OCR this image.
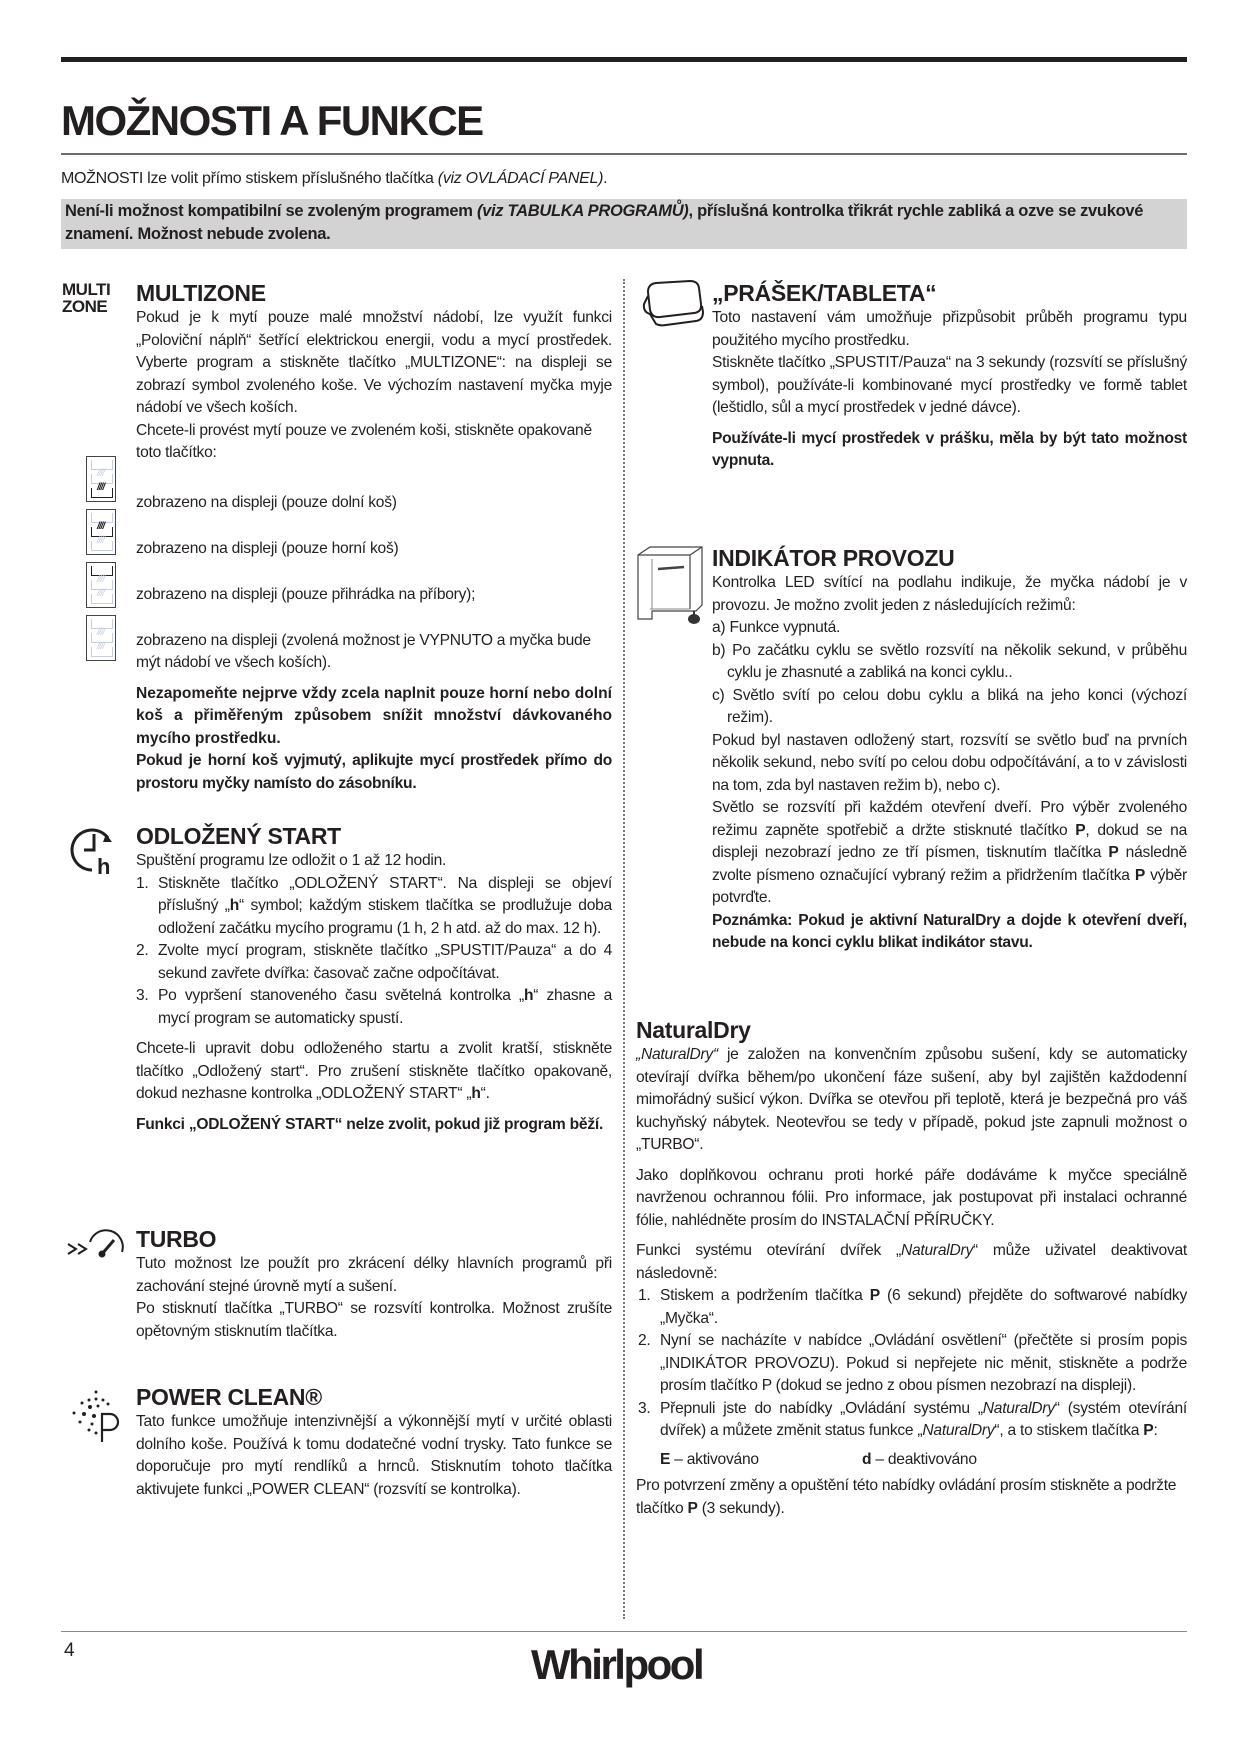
MOŽNOSTI A FUNKCE

MOŽNOSTI lze volit přímo stiskem příslušného tlačítka (viz OVLÁDACÍ PANEL).

Není-li možnost kompatibilní se zvoleným programem (viz TABULKA PROGRAMŮ), příslušná kontrolka třikrát rychle zabliká a ozve se zvukové znamení. Možnost nebude zvolena.
MULTI
ZONE
////
////
////
////
////
////
////
////
MULTIZONE

Pokud je k mytí pouze malé množství nádobí, lze využít funkci „Poloviční náplň“ šetřící elektrickou energii, vodu a mycí prostředek. Vyberte program a stiskněte tlačítko „MULTIZONE“: na displeji se zobrazí symbol zvoleného koše. Ve výchozím nastavení myčka myje nádobí ve všech koších.

Chcete-li provést mytí pouze ve zvoleném koši, stiskněte opakovaně toto tlačítko:

zobrazeno na displeji (pouze dolní koš)

zobrazeno na displeji (pouze horní koš)

zobrazeno na displeji (pouze přihrádka na příbory);

zobrazeno na displeji (zvolená možnost je VYPNUTO a myčka bude mýt nádobí ve všech koších).

Nezapomeňte nejprve vždy zcela naplnit pouze horní nebo dolní koš a přiměřeným způsobem snížit množství dávkovaného mycího prostředku.

Pokud je horní koš vyjmutý, aplikujte mycí prostředek přímo do prostoru myčky namísto do zásobníku.

h
ODLOŽENÝ START

Spuštění programu lze odložit o 1 až 12 hodin.

1. Stiskněte tlačítko „ODLOŽENÝ START“. Na displeji se objeví příslušný „h“ symbol; každým stiskem tlačítka se prodlužuje doba odložení začátku mycího programu (1 h, 2 h atd. až do max. 12 h).
2. Zvolte mycí program, stiskněte tlačítko „SPUSTIT/Pauza“ a do 4 sekund zavřete dvířka: časovač začne odpočítávat.
3. Po vypršení stanoveného času světelná kontrolka „h“ zhasne a mycí program se automaticky spustí.

Chcete-li upravit dobu odloženého startu a zvolit kratší, stiskněte tlačítko „Odložený start“. Pro zrušení stiskněte tlačítko opakovaně, dokud nezhasne kontrolka „ODLOŽENÝ START“ „h“.

Funkci „ODLOŽENÝ START“ nelze zvolit, pokud již program běží.

TURBO

Tuto možnost lze použít pro zkrácení délky hlavních programů při zachování stejné úrovně mytí a sušení.

Po stisknutí tlačítka „TURBO“ se rozsvítí kontrolka. Možnost zrušíte opětovným stisknutím tlačítka.

POWER CLEAN®

Tato funkce umožňuje intenzivnější a výkonnější mytí v určité oblasti dolního koše. Používá k tomu dodatečné vodní trysky. Tato funkce se doporučuje pro mytí rendlíků a hrnců. Stisknutím tohoto tlačítka aktivujete funkci „POWER CLEAN“ (rozsvítí se kontrolka).

„PRÁŠEK/TABLETA“

Toto nastavení vám umožňuje přizpůsobit průběh programu typu použitého mycího prostředku.

Stiskněte tlačítko „SPUSTIT/Pauza“ na 3 sekundy (rozsvítí se příslušný symbol), používáte-li kombinované mycí prostředky ve formě tablet (leštidlo, sůl a mycí prostředek v jedné dávce).

Používáte-li mycí prostředek v prášku, měla by být tato možnost vypnuta.

INDIKÁTOR PROVOZU

Kontrolka LED svítící na podlahu indikuje, že myčka nádobí je v provozu. Je možno zvolit jeden z následujících režimů:

a) Funkce vypnutá.

b) Po začátku cyklu se světlo rozsvítí na několik sekund, v průběhu cyklu je zhasnuté a zabliká na konci cyklu..

c) Světlo svítí po celou dobu cyklu a bliká na jeho konci (výchozí režim).

Pokud byl nastaven odložený start, rozsvítí se světlo buď na prvních několik sekund, nebo svítí po celou dobu odpočítávání, a to v závislosti na tom, zda byl nastaven režim b), nebo c).

Světlo se rozsvítí při každém otevření dveří. Pro výběr zvoleného režimu zapněte spotřebič a držte stisknuté tlačítko P, dokud se na displeji nezobrazí jedno ze tří písmen, tisknutím tlačítka P následně zvolte písmeno označující vybraný režim a přidržením tlačítka P výběr potvrďte.

Poznámka: Pokud je aktivní NaturalDry a dojde k otevření dveří, nebude na konci cyklu blikat indikátor stavu.

NaturalDry

„NaturalDry“ je založen na konvenčním způsobu sušení, kdy se automaticky otevírají dvířka během/po ukončení fáze sušení, aby byl zajištěn každodenní mimořádný sušicí výkon. Dvířka se otevřou při teplotě, která je bezpečná pro váš kuchyňský nábytek. Neotevřou se tedy v případě, pokud jste zapnuli možnost o „TURBO“.

Jako doplňkovou ochranu proti horké páře dodáváme k myčce speciálně navrženou ochrannou fólii. Pro informace, jak postupovat při instalaci ochranné fólie, nahlédněte prosím do INSTALAČNÍ PŘÍRUČKY.

Funkci systému otevírání dvířek „NaturalDry“ může uživatel deaktivovat následovně:

1. Stiskem a podržením tlačítka P (6 sekund) přejděte do softwarové nabídky „Myčka“.
2. Nyní se nacházíte v nabídce „Ovládání osvětlení“ (přečtěte si prosím popis „INDIKÁTOR PROVOZU). Pokud si nepřejete nic měnit, stiskněte a podrže prosím tlačítko P (dokud se jedno z obou písmen nezobrazí na displeji).
3. Přepnuli jste do nabídky „Ovládání systému „NaturalDry“ (systém otevírání dvířek) a můžete změnit status funkce „NaturalDry“, a to stiskem tlačítka P:
E – aktivováno	d – deaktivováno

Pro potvrzení změny a opuštění této nabídky ovládání prosím stiskněte a podržte tlačítko P (3 sekundy).

4	Whirlpool
